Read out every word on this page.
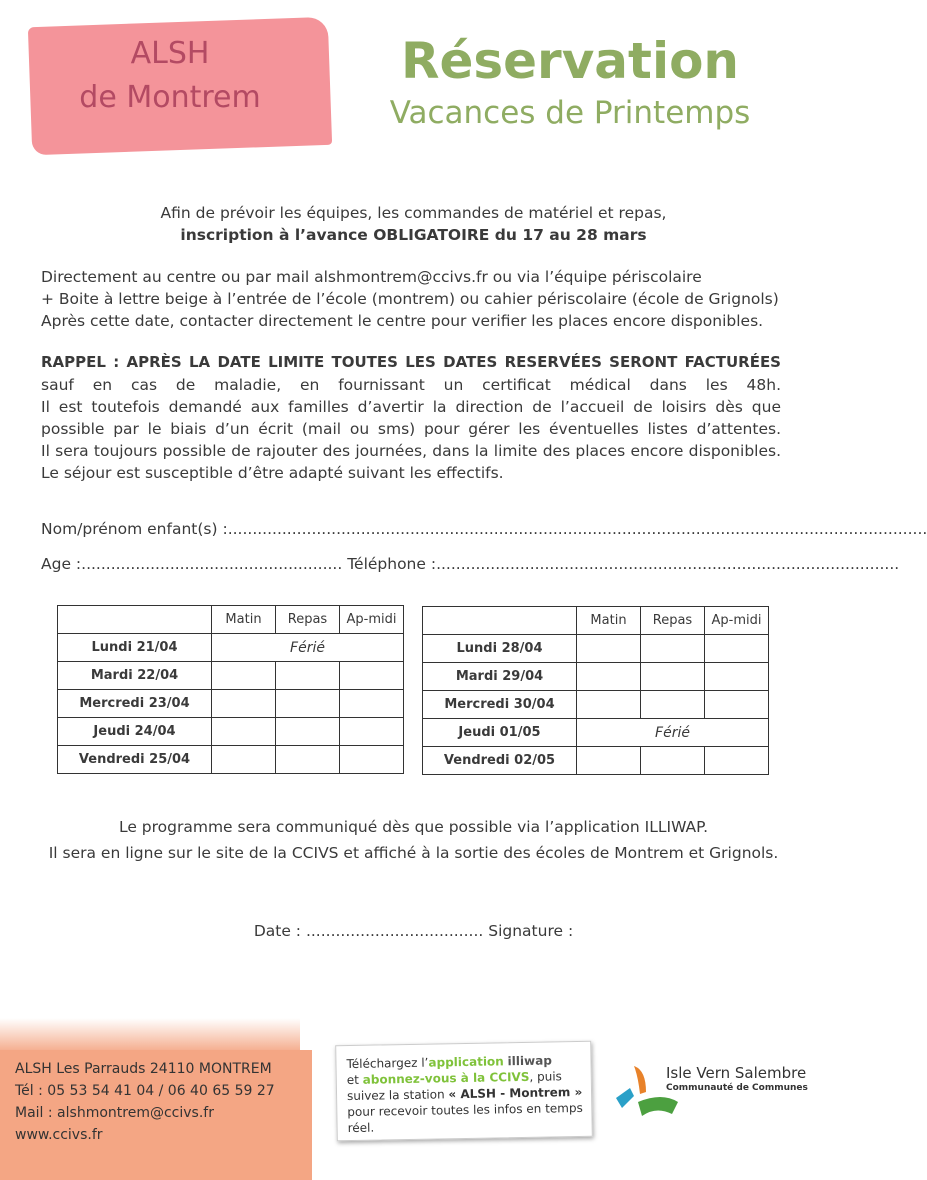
ALSH
de Montrem
Réservation
Vacances de Printemps
Afin de prévoir les équipes, les commandes de matériel et repas,
inscription à l’avance OBLIGATOIRE du 17 au 28 mars
Directement au centre ou par mail alshmontrem@ccivs.fr ou via l’équipe périscolaire
+ Boite à lettre beige à l’entrée de l’école (montrem) ou cahier périscolaire (école de Grignols)
Après cette date, contacter directement le centre pour verifier les places encore disponibles.
RAPPEL : APRÈS LA DATE LIMITE TOUTES LES DATES RESERVÉES SERONT FACTURÉES
sauf en cas de maladie, en fournissant un certificat médical dans les 48h.
Il est toutefois demandé aux familles d’avertir la direction de l’accueil de loisirs dès que
possible par le biais d’un écrit (mail ou sms) pour gérer les éventuelles listes d’attentes.
Il sera toujours possible de rajouter des journées, dans la limite des places encore disponibles.
Le séjour est susceptible d’être adapté suivant les effectifs.
Nom/prénom enfant(s) :..............................................................................................................................................
Age :..................................................... Téléphone :..............................................................................................
	Matin	Repas	Ap-midi
Lundi 21/04	Férié		
Mardi 22/04			
Mercredi 23/04			
Jeudi 24/04			
Vendredi 25/04			
	Matin	Repas	Ap-midi
Lundi 28/04			
Mardi 29/04			
Mercredi 30/04			
Jeudi 01/05	Férié		
Vendredi 02/05			
Le programme sera communiqué dès que possible via l’application ILLIWAP.
Il sera en ligne sur le site de la CCIVS et affiché à la sortie des écoles de Montrem et Grignols.
Date : .................................... Signature :
ALSH Les Parrauds 24110 MONTREM
Tél : 05 53 54 41 04 / 06 40 65 59 27
Mail : alshmontrem@ccivs.fr
www.ccivs.fr
Téléchargez l’application illiwap
et abonnez-vous à la CCIVS, puis suivez la station « ALSH - Montrem » pour recevoir toutes les infos en temps réel.
Isle Vern Salembre
Communauté de Communes
